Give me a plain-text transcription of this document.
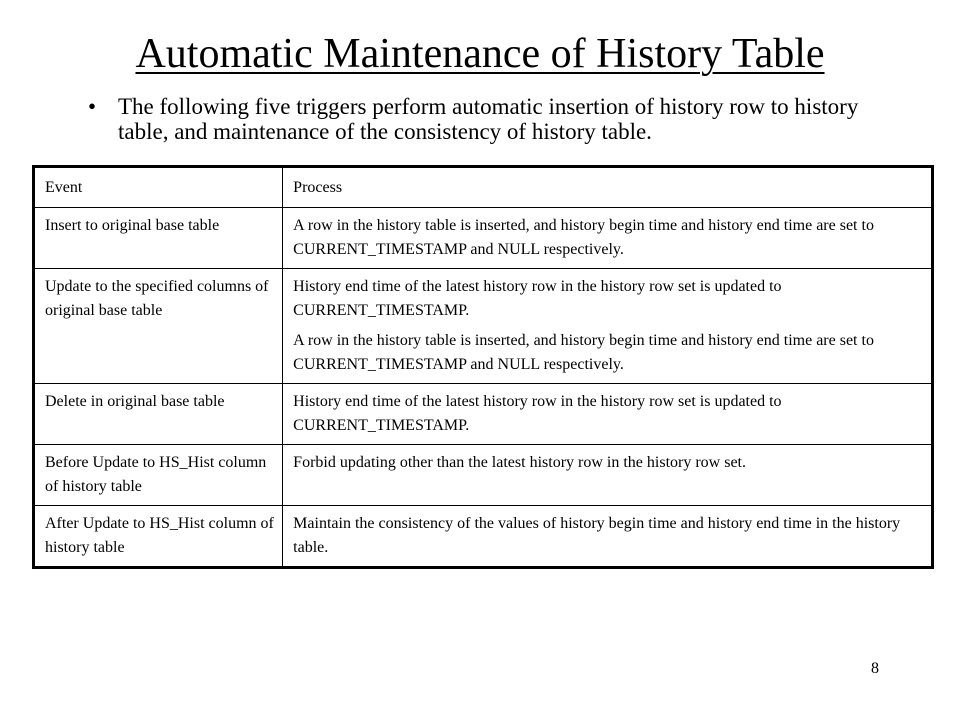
Automatic Maintenance of History Table
• The following five triggers perform automatic insertion of history row to history table, and maintenance of the consistency of history table.
Event	Process
Insert to original base table	A row in the history table is inserted, and history begin time and history end time are set to CURRENT_TIMESTAMP and NULL respectively.

Update to the specified columns of original base table	History end time of the latest history row in the history row set is updated to CURRENT_TIMESTAMP.
A row in the history table is inserted, and history begin time and history end time are set to CURRENT_TIMESTAMP and NULL respectively.

Delete in original base table	History end time of the latest history row in the history row set is updated to CURRENT_TIMESTAMP.

Before Update to HS_Hist column of history table	Forbid updating other than the latest history row in the history row set.

After Update to HS_Hist column of history table	Maintain the consistency of the values of history begin time and history end time in the history table.
8
